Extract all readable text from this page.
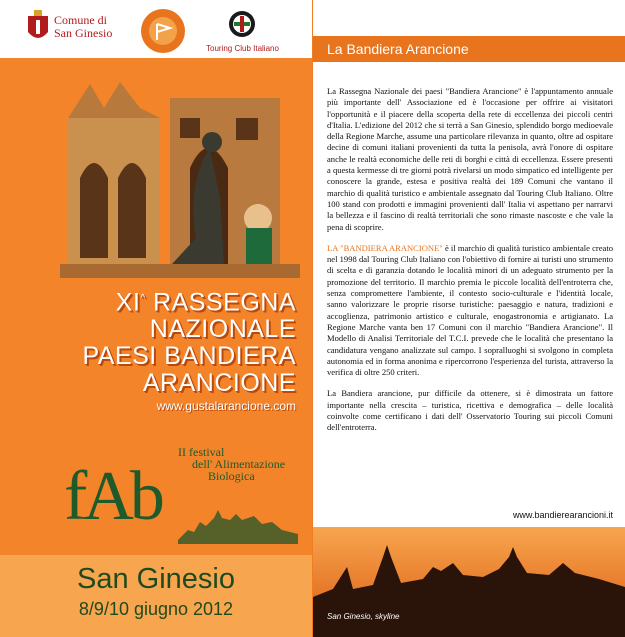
Comune di
San Ginesio
Touring Club Italiano
XI^ RASSEGNA
NAZIONALE
PAESI BANDIERA
ARANCIONE
www.gustalarancione.com
fAb
II festival
dell' Alimentazione
Biologica
San Ginesio
8/9/10 giugno 2012
La Bandiera Arancione

La Rassegna Nazionale dei paesi "Bandiera Arancione" è l'appuntamento annuale più importante dell' Associazione ed è l'occasione per offrire ai visitatori l'opportunità e il piacere della scoperta della rete di eccellenza dei piccoli centri d'Italia. L'edizione del 2012 che si terrà a San Ginesio, splendido borgo medioevale della Regione Marche, assume una particolare rilevanza in quanto, oltre ad ospitare decine di comuni italiani provenienti da tutta la penisola, avrà l'onore di ospitare anche le realtà economiche delle reti di borghi e città di eccellenza. Essere presenti a questa kermesse di tre giorni potrà rivelarsi un modo simpatico ed intelligente per conoscere la grande, estesa e positiva realtà dei 189 Comuni che vantano il marchio di qualità turistico e ambientale assegnato dal Touring Club Italiano. Oltre 100 stand con prodotti e immagini provenienti dall' Italia vi aspettano per narrarvi la bellezza e il fascino di realtà territoriali che sono rimaste nascoste e che vale la pena di scoprire.

LA "BANDIERA ARANCIONE" è il marchio di qualità turistico ambientale creato nel 1998 dal Touring Club Italiano con l'obiettivo di fornire ai turisti uno strumento di scelta e di garanzia dotando le località minori di un adeguato strumento per la promozione del territorio. Il marchio premia le piccole località dell'entroterra che, senza compromettere l'ambiente, il contesto socio-culturale e l'identità locale, sanno valorizzare le proprie risorse turistiche: paesaggio e natura, tradizioni e accoglienza, patrimonio artistico e culturale, enogastronomia e artigianato. La Regione Marche vanta ben 17 Comuni con il marchio "Bandiera Arancione". Il Modello di Analisi Territoriale del T.C.I. prevede che le località che presentano la candidatura vengano analizzate sul campo. I sopralluoghi si svolgono in completa autonomia ed in forma anonima e ripercorrono l'esperienza del turista, attraverso la verifica di oltre 250 criteri.

La Bandiera arancione, pur difficile da ottenere, si è dimostrata un fattore importante nella crescita – turistica, ricettiva e demografica – delle località coinvolte come certificano i dati dell' Osservatorio Touring sui piccoli Comuni dell'entroterra.

www.bandierearancioni.it
San Ginesio, skyline
